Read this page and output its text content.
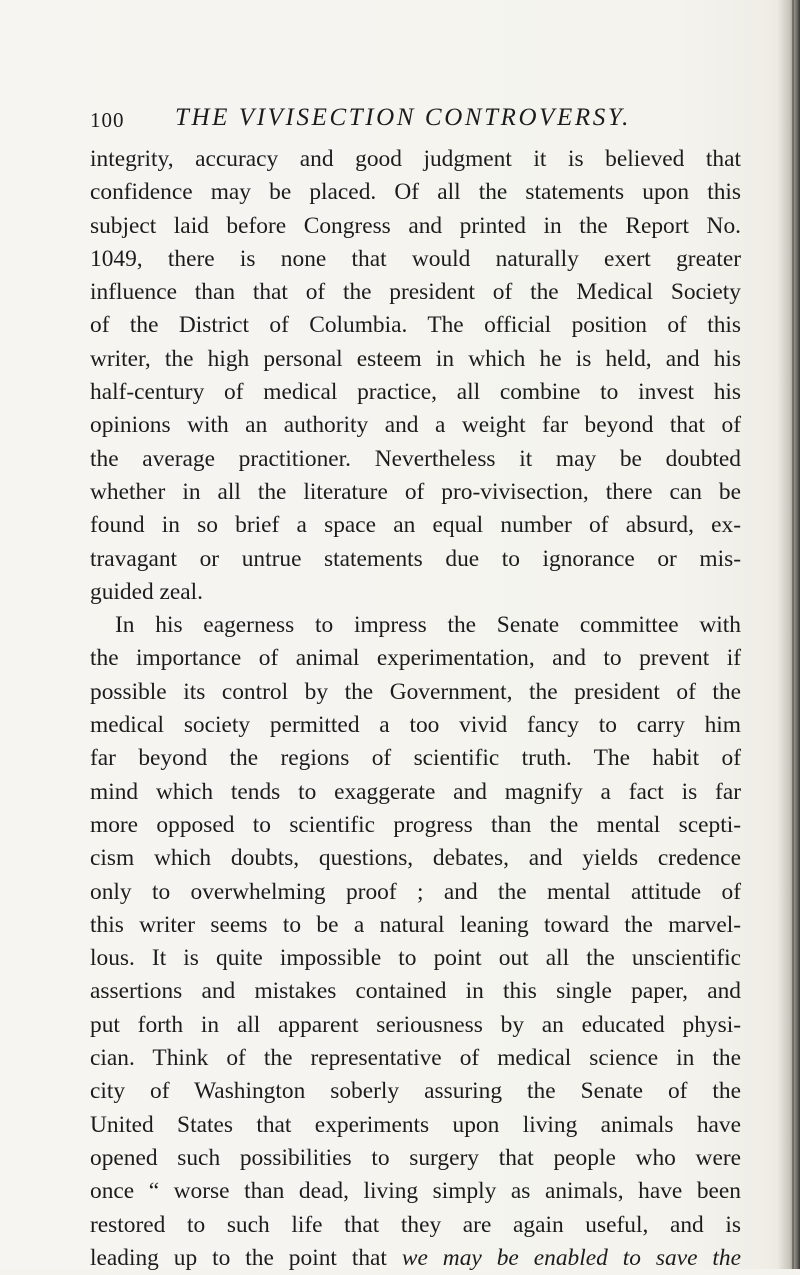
100 THE VIVISECTION CONTROVERSY.
integrity, accuracy and good judgment it is believed that
confidence may be placed. Of all the statements upon this
subject laid before Congress and printed in the Report No.
1049, there is none that would naturally exert greater
influence than that of the president of the Medical Society
of the District of Columbia. The official position of this
writer, the high personal esteem in which he is held, and his
half-century of medical practice, all combine to invest his
opinions with an authority and a weight far beyond that of
the average practitioner. Nevertheless it may be doubted
whether in all the literature of pro-vivisection, there can be
found in so brief a space an equal number of absurd, ex-
travagant or untrue statements due to ignorance or mis-
guided zeal.
In his eagerness to impress the Senate committee with
the importance of animal experimentation, and to prevent if
possible its control by the Government, the president of the
medical society permitted a too vivid fancy to carry him
far beyond the regions of scientific truth. The habit of
mind which tends to exaggerate and magnify a fact is far
more opposed to scientific progress than the mental scepti-
cism which doubts, questions, debates, and yields credence
only to overwhelming proof ; and the mental attitude of
this writer seems to be a natural leaning toward the marvel-
lous. It is quite impossible to point out all the unscientific
assertions and mistakes contained in this single paper, and
put forth in all apparent seriousness by an educated physi-
cian. Think of the representative of medical science in the
city of Washington soberly assuring the Senate of the
United States that experiments upon living animals have
opened such possibilities to surgery that people who were
once “ worse than dead, living simply as animals, have been
restored to such life that they are again useful, and is
leading up to the point that we may be enabled to save the
